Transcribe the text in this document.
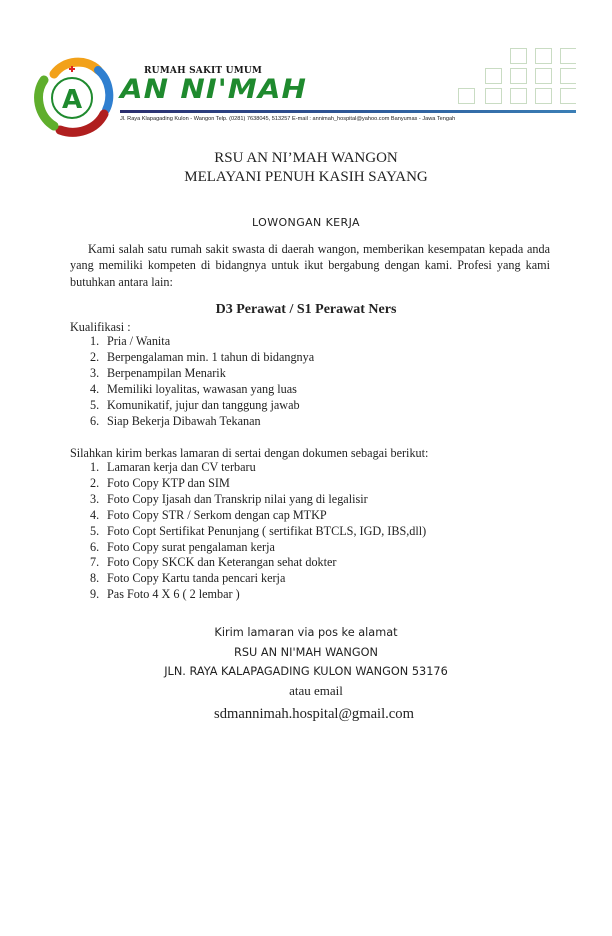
A
RUMAH SAKIT UMUM
AN NI'MAH
Jl. Raya Klapagading Kulon - Wangon Telp. (0281) 7638045, 513257 E-mail : annimah_hospital@yahoo.com Banyumas - Jawa Tengah
RSU AN NI’MAH WANGON
MELAYANI PENUH KASIH SAYANG
LOWONGAN KERJA
Kami salah satu rumah sakit swasta di daerah wangon, memberikan kesempatan kepada anda yang memiliki kompeten di bidangnya untuk ikut bergabung dengan kami. Profesi yang kami butuhkan antara lain:
D3 Perawat / S1 Perawat Ners
Kualifikasi :
1. Pria / Wanita
2. Berpengalaman min. 1 tahun di bidangnya
3. Berpenampilan Menarik
4. Memiliki loyalitas, wawasan yang luas
5. Komunikatif, jujur dan tanggung jawab
6. Siap Bekerja Dibawah Tekanan
Silahkan kirim berkas lamaran di sertai dengan dokumen sebagai berikut:
1. Lamaran kerja dan CV terbaru
2. Foto Copy KTP dan SIM
3. Foto Copy Ijasah dan Transkrip nilai yang di legalisir
4. Foto Copy STR / Serkom dengan cap MTKP
5. Foto Copt Sertifikat Penunjang ( sertifikat BTCLS, IGD, IBS,dll)
6. Foto Copy surat pengalaman kerja
7. Foto Copy SKCK dan Keterangan sehat dokter
8. Foto Copy Kartu tanda pencari kerja
9. Pas Foto 4 X 6 ( 2 lembar )
Kirim lamaran via pos ke alamat
RSU AN NI'MAH WANGON
JLN. RAYA KALAPAGADING KULON WANGON 53176
atau email
sdmannimah.hospital@gmail.com
